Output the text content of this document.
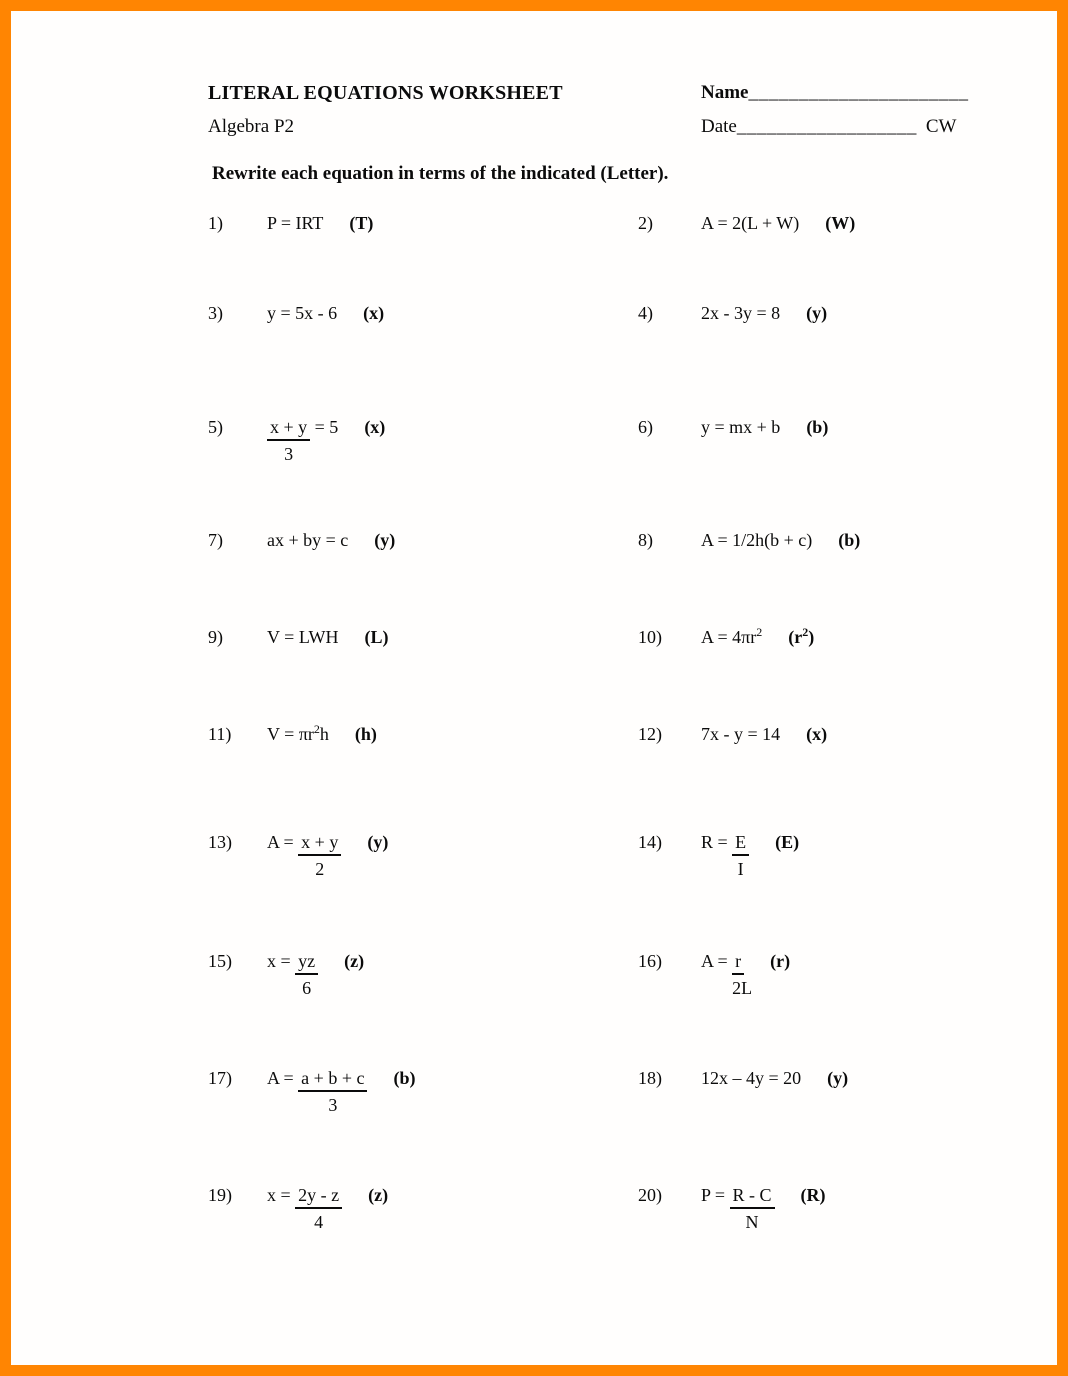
LITERAL EQUATIONS WORKSHEET	Name______________________
Algebra P2	Date__________________ CW
Rewrite each equation in terms of the indicated (Letter).
1) P = IRT (T)	2)	A = 2(L + W) (W)
3) y = 5x - 6 (x)	4)	2x - 3y = 8 (y)
$5) \frac{x + y}{3} = 5$ (x)	6)	y = mx + b (b)
7) ax + by = c (y)	8)	A = 1/2h(b + c) (b)
9) V = LWH (L)	10) $A = 4\pi r^2$ $(r^2)$
11) $V = \pi r^2h$ (h)	12) 7x - y = 14 (x)
13) $A = \frac{x + y}{2} (y)$	14) $R = \frac{E}{I} (E)$
15) $x = \frac{yz}{6} (z)$	16) $A = \frac{r}{2L} (r)$
17) $A = \frac{a + b + c}{3} (b)$	18) 12x – 4y = 20 (y)
19) $x = \frac{2y - z}{4} (z)$	20) $P = \frac{R - C}{N} (R)$
